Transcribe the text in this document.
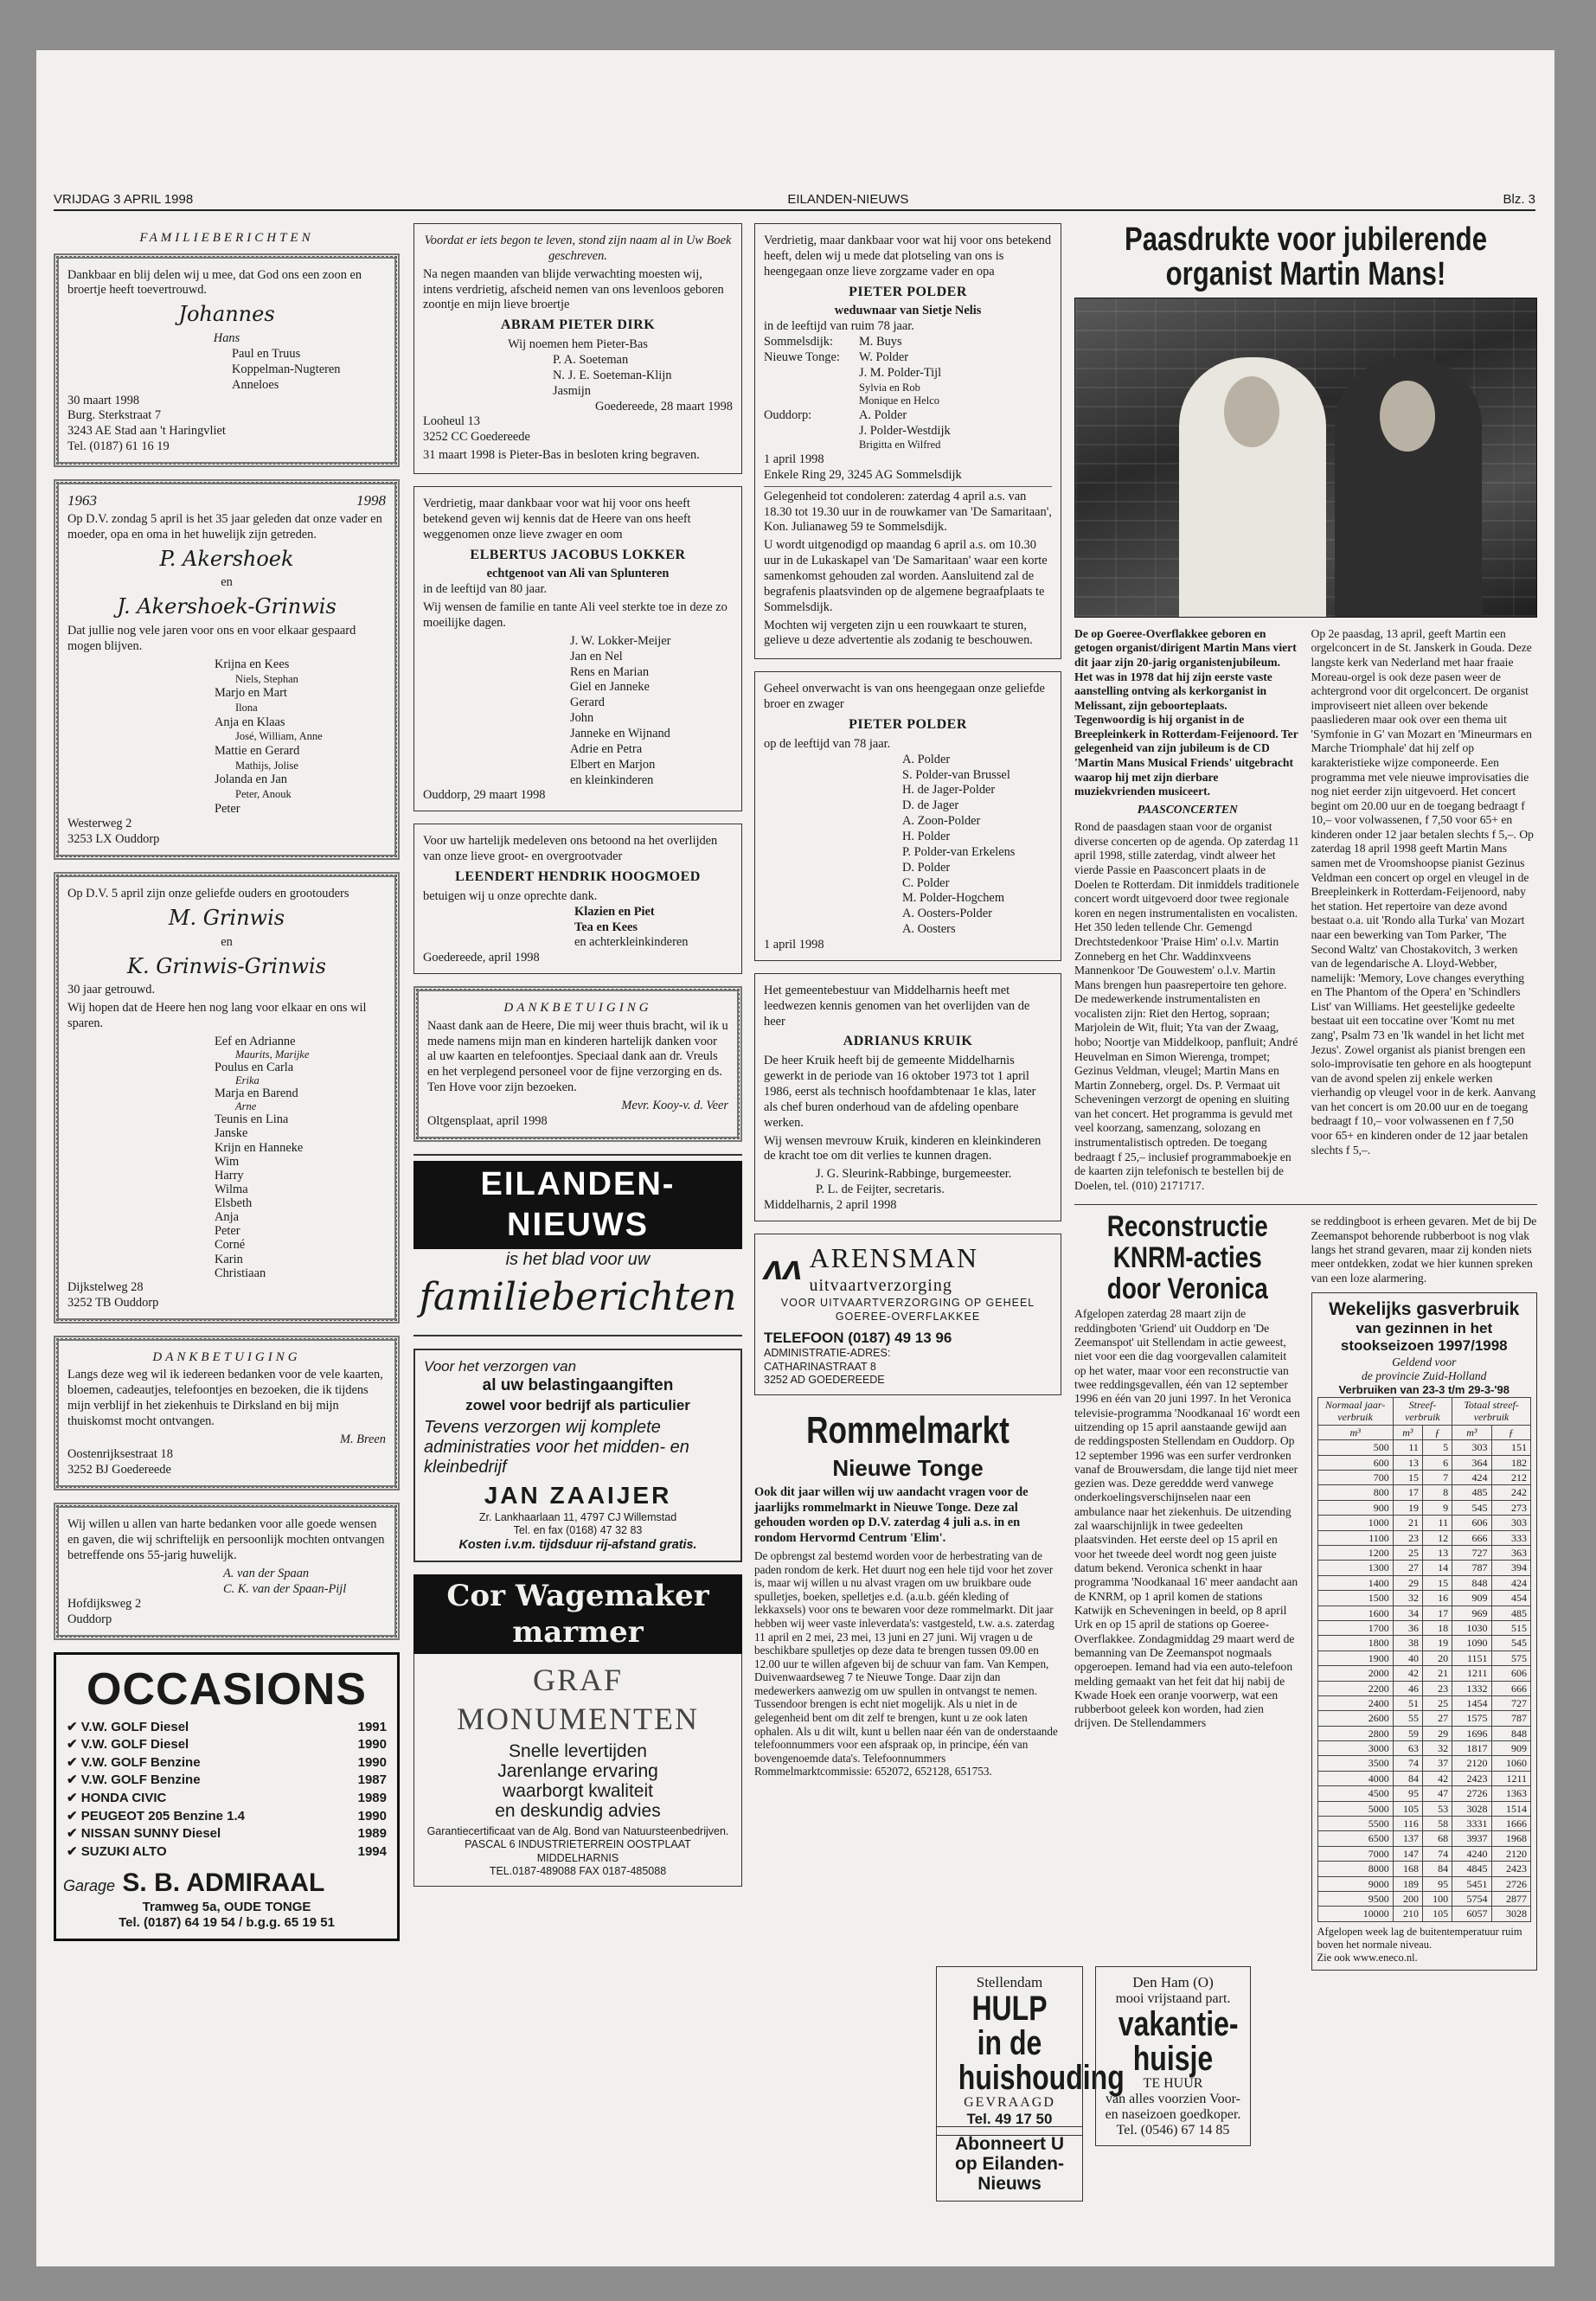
VRIJDAG 3 APRIL 1998	EILANDEN-NIEUWS	Blz. 3
FAMILIEBERICHTEN

Dankbaar en blij delen wij u mee, dat God ons een zoon en broertje heeft toevertrouwd.

Johannes
Hans
Paul en Truus
Koppelman-Nugteren
Anneloes
30 maart 1998
Burg. Sterkstraat 7
3243 AE Stad aan 't Haringvliet
Tel. (0187) 61 16 19
1963	1998

Op D.V. zondag 5 april is het 35 jaar geleden dat onze vader en moeder, opa en oma in het huwelijk zijn getreden.

P. Akershoek
en
J. Akershoek-Grinwis

Dat jullie nog vele jaren voor ons en voor elkaar gespaard mogen blijven.

Krijna en Kees
Niels, Stephan
Marjo en Mart
Ilona
Anja en Klaas
José, William, Anne
Mattie en Gerard
Mathijs, Jolise
Jolanda en Jan
Peter, Anouk
Peter
Westerweg 2
3253 LX Ouddorp

Op D.V. 5 april zijn onze geliefde ouders en grootouders

M. Grinwis
en
K. Grinwis-Grinwis
30 jaar getrouwd.

Wij hopen dat de Heere hen nog lang voor elkaar en ons wil sparen.

Eef en Adrianne
Maurits, Marijke
Poulus en Carla
Erika
Marja en Barend
Arne
Teunis en Lina
Janske
Krijn en Hanneke
Wim
Harry
Wilma
Elsbeth
Anja
Peter
Corné
Karin
Christiaan
Dijkstelweg 28
3252 TB Ouddorp
DANKBETUIGING

Langs deze weg wil ik iedereen bedanken voor de vele kaarten, bloemen, cadeautjes, telefoontjes en bezoeken, die ik tijdens mijn verblijf in het ziekenhuis te Dirksland en bij mijn thuiskomst mocht ontvangen.

M. Breen
Oostenrijksestraat 18
3252 BJ Goedereede

Wij willen u allen van harte bedanken voor alle goede wensen en gaven, die wij schriftelijk en persoonlijk mochten ontvangen betreffende ons 55-jarig huwelijk.

A. van der Spaan
C. K. van der Spaan-Pijl
Hofdijksweg 2
Ouddorp
OCCASIONS
✔ V.W. GOLF Diesel	1991
✔ V.W. GOLF Diesel	1990
✔ V.W. GOLF Benzine	1990
✔ V.W. GOLF Benzine	1987
✔ HONDA CIVIC	1989
✔ PEUGEOT 205 Benzine 1.4	1990
✔ NISSAN SUNNY Diesel	1989
✔ SUZUKI ALTO	1994
Garage S. B. ADMIRAAL
Tramweg 5a, OUDE TONGE
Tel. (0187) 64 19 54 / b.g.g. 65 19 51

Voordat er iets begon te leven, stond zijn naam al in Uw Boek geschreven.

Na negen maanden van blijde verwachting moesten wij, intens verdrietig, afscheid nemen van ons levenloos geboren zoontje en mijn lieve broertje

ABRAM PIETER DIRK
Wij noemen hem Pieter-Bas
P. A. Soeteman
N. J. E. Soeteman-Klijn
Jasmijn
Goedereede, 28 maart 1998
Looheul 13
3252 CC Goedereede

31 maart 1998 is Pieter-Bas in besloten kring begraven.

Verdrietig, maar dankbaar voor wat hij voor ons heeft betekend geven wij kennis dat de Heere van ons heeft weggenomen onze lieve zwager en oom

ELBERTUS JACOBUS LOKKER
echtgenoot van Ali van Splunteren
in de leeftijd van 80 jaar.

Wij wensen de familie en tante Ali veel sterkte toe in deze zo moeilijke dagen.

J. W. Lokker-Meijer
Jan en Nel
Rens en Marian
Giel en Janneke
Gerard
John
Janneke en Wijnand
Adrie en Petra
Elbert en Marjon
en kleinkinderen
Ouddorp, 29 maart 1998

Voor uw hartelijk medeleven ons betoond na het overlijden van onze lieve groot- en overgrootvader

LEENDERT HENDRIK HOOGMOED
betuigen wij u onze oprechte dank.
Klazien en Piet
Tea en Kees
en achterkleinkinderen
Goedereede, april 1998
DANKBETUIGING

Naast dank aan de Heere, Die mij weer thuis bracht, wil ik u mede namens mijn man en kinderen hartelijk danken voor al uw kaarten en telefoontjes. Speciaal dank aan dr. Vreuls en het verplegend personeel voor de fijne verzorging en ds. Ten Hove voor zijn bezoeken.

Mevr. Kooy-v. d. Veer
Oltgensplaat, april 1998
EILANDEN-NIEUWS
is het blad voor uw
familieberichten
Voor het verzorgen van
al uw belastingaangiften
zowel voor bedrijf als particulier
Tevens verzorgen wij komplete administraties voor het midden- en kleinbedrijf
JAN ZAAIJER
Zr. Lankhaarlaan 11, 4797 CJ Willemstad
Tel. en fax (0168) 47 32 83
Kosten i.v.m. tijdsduur rij-afstand gratis.
Cor Wagemaker
marmer
GRAF
MONUMENTEN
Snelle levertijden
Jarenlange ervaring
waarborgt kwaliteit
en deskundig advies
Garantiecertificaat van de Alg. Bond van Natuursteenbedrijven.
PASCAL 6 INDUSTRIETERREIN OOSTPLAAT
MIDDELHARNIS
TEL.0187-489088 FAX 0187-485088

Verdrietig, maar dankbaar voor wat hij voor ons betekend heeft, delen wij u mede dat plotseling van ons is heengegaan onze lieve zorgzame vader en opa

PIETER POLDER
weduwnaar van Sietje Nelis
in de leeftijd van ruim 78 jaar.
Sommelsdijk:	M. Buys
Nieuwe Tonge:	W. Polder
J. M. Polder-Tijl
Sylvia en Rob
Monique en Helco
Ouddorp:	A. Polder
J. Polder-Westdijk
Brigitta en Wilfred
1 april 1998
Enkele Ring 29, 3245 AG Sommelsdijk

Gelegenheid tot condoleren: zaterdag 4 april a.s. van 18.30 tot 19.30 uur in de rouwkamer van 'De Samaritaan', Kon. Julianaweg 59 te Sommelsdijk.

U wordt uitgenodigd op maandag 6 april a.s. om 10.30 uur in de Lukaskapel van 'De Samaritaan' waar een korte samenkomst gehouden zal worden. Aansluitend zal de begrafenis plaatsvinden op de algemene begraafplaats te Sommelsdijk.

Mochten wij vergeten zijn u een rouwkaart te sturen, gelieve u deze advertentie als zodanig te beschouwen.

Geheel onverwacht is van ons heengegaan onze geliefde broer en zwager

PIETER POLDER
op de leeftijd van 78 jaar.
A. Polder
S. Polder-van Brussel
H. de Jager-Polder
D. de Jager
A. Zoon-Polder
H. Polder
P. Polder-van Erkelens
D. Polder
C. Polder
M. Polder-Hogchem
A. Oosters-Polder
A. Oosters
1 april 1998

Het gemeentebestuur van Middelharnis heeft met leedwezen kennis genomen van het overlijden van de heer

ADRIANUS KRUIK

De heer Kruik heeft bij de gemeente Middelharnis gewerkt in de periode van 16 oktober 1973 tot 1 april 1986, eerst als technisch hoofdambtenaar 1e klas, later als chef buren onderhoud van de afdeling openbare werken.

Wij wensen mevrouw Kruik, kinderen en kleinkinderen de kracht toe om dit verlies te kunnen dragen.

J. G. Sleurink-Rabbinge, burgemeester.
P. L. de Feijter, secretaris.
Middelharnis, 2 april 1998
ʌʌ ARENSMAN
uitvaartverzorging
VOOR UITVAARTVERZORGING OP GEHEEL GOEREE-OVERFLAKKEE
TELEFOON (0187) 49 13 96
ADMINISTRATIE-ADRES:
CATHARINASTRAAT 8
3252 AD GOEDEREEDE
Rommelmarkt
Nieuwe Tonge

Ook dit jaar willen wij uw aandacht vragen voor de jaarlijks rommelmarkt in Nieuwe Tonge. Deze zal gehouden worden op D.V. zaterdag 4 juli a.s. in en rondom Hervormd Centrum 'Elim'.

De opbrengst zal bestemd worden voor de herbestrating van de paden rondom de kerk. Het duurt nog een hele tijd voor het zover is, maar wij willen u nu alvast vragen om uw bruikbare oude spulletjes, boeken, spelletjes e.d. (a.u.b. géén kleding of lekkaxsels) voor ons te bewaren voor deze rommelmarkt. Dit jaar hebben wij weer vaste inleverdata's: vastgesteld, t.w. a.s. zaterdag 11 april en 2 mei, 23 mei, 13 juni en 27 juni. Wij vragen u de beschikbare spulletjes op deze data te brengen tussen 09.00 en 12.00 uur te willen afgeven bij de schuur van fam. Van Kempen, Duivenwaardseweg 7 te Nieuwe Tonge. Daar zijn dan medewerkers aanwezig om uw spullen in ontvangst te nemen. Tussendoor brengen is echt niet mogelijk. Als u niet in de gelegenheid bent om dit zelf te brengen, kunt u ze ook laten ophalen. Als u dit wilt, kunt u bellen naar één van de onderstaande telefoonnummers voor een afspraak op, in principe, één van bovengenoemde data's. Telefoonnummers Rommelmarktcommissie: 652072, 652128, 651753.

Paasdrukte voor jubilerende organist Martin Mans!

De op Goeree-Overflakkee geboren en getogen organist/dirigent Martin Mans viert dit jaar zijn 20-jarig organistenjubileum. Het was in 1978 dat hij zijn eerste vaste aanstelling ontving als kerkorganist in Melissant, zijn geboorteplaats. Tegenwoordig is hij organist in de Breepleinkerk in Rotterdam-Feijenoord. Ter gelegenheid van zijn jubileum is de CD 'Martin Mans Musical Friends' uitgebracht waarop hij met zijn dierbare muziekvrienden musiceert.

PAASCONCERTEN

Rond de paasdagen staan voor de organist diverse concerten op de agenda. Op zaterdag 11 april 1998, stille zaterdag, vindt alweer het vierde Passie en Paasconcert plaats in de Doelen te Rotterdam. Dit inmiddels traditionele concert wordt uitgevoerd door twee regionale koren en negen instrumentalisten en vocalisten. Het 350 leden tellende Chr. Gemengd Drechtstedenkoor 'Praise Him' o.l.v. Martin Zonneberg en het Chr. Waddinxveens Mannenkoor 'De Gouwestem' o.l.v. Martin Mans brengen hun paasrepertoire ten gehore. De medewerkende instrumentalisten en vocalisten zijn: Riet den Hertog, sopraan; Marjolein de Wit, fluit; Yta van der Zwaag, hobo; Noortje van Middelkoop, panfluit; André Heuvelman en Simon Wierenga, trompet; Gezinus Veldman, vleugel; Martin Mans en Martin Zonneberg, orgel. Ds. P. Vermaat uit Scheveningen verzorgt de opening en sluiting van het concert. Het programma is gevuld met veel koorzang, samenzang, solozang en instrumentalistisch optreden. De toegang bedraagt f 25,– inclusief programmaboekje en de kaarten zijn telefonisch te bestellen bij de Doelen, tel. (010) 2171717.

Op 2e paasdag, 13 april, geeft Martin een orgelconcert in de St. Janskerk in Gouda. Deze langste kerk van Nederland met haar fraaie Moreau-orgel is ook deze pasen weer de achtergrond voor dit orgelconcert. De organist improviseert niet alleen over bekende paasliederen maar ook over een thema uit 'Symfonie in G' van Mozart en 'Mineurmars en Marche Triomphale' dat hij zelf op karakteristieke wijze componeerde. Een programma met vele nieuwe improvisaties die nog niet eerder zijn uitgevoerd. Het concert begint om 20.00 uur en de toegang bedraagt f 10,– voor volwassenen, f 7,50 voor 65+ en kinderen onder 12 jaar betalen slechts f 5,–. Op zaterdag 18 april 1998 geeft Martin Mans samen met de Vroomshoopse pianist Gezinus Veldman een concert op orgel en vleugel in de Breepleinkerk in Rotterdam-Feijenoord, naby het station. Het repertoire van deze avond bestaat o.a. uit 'Rondo alla Turka' van Mozart naar een bewerking van Tom Parker, 'The Second Waltz' van Chostakovitch, 3 werken van de legendarische A. Lloyd-Webber, namelijk: 'Memory, Love changes everything en The Phantom of the Opera' en 'Schindlers List' van Williams. Het geestelijke gedeelte bestaat uit een toccatine over 'Komt nu met zang', Psalm 73 en 'Ik wandel in het licht met Jezus'. Zowel organist als pianist brengen een solo-improvisatie ten gehore en als hoogtepunt van de avond spelen zij enkele werken vierhandig op vleugel voor in de kerk. Aanvang van het concert is om 20.00 uur en de toegang bedraagt f 10,– voor volwassenen en f 7,50 voor 65+ en kinderen onder de 12 jaar betalen slechts f 5,–.

Reconstructie KNRM-acties door Veronica

Afgelopen zaterdag 28 maart zijn de reddingboten 'Griend' uit Ouddorp en 'De Zeemanspot' uit Stellendam in actie geweest, niet voor een die dag voorgevallen calamiteit op het water, maar voor een reconstructie van twee reddingsgevallen, één van 12 september 1996 en één van 20 juni 1997. In het Veronica televisie-programma 'Noodkanaal 16' wordt een uitzending op 15 april aanstaande gewijd aan de reddingsposten Stellendam en Ouddorp. Op 12 september 1996 was een surfer verdronken vanaf de Brouwersdam, die lange tijd niet meer gezien was. Deze gereddde werd vanwege onderkoelingsverschijnselen naar een ambulance naar het ziekenhuis. De uitzending zal waarschijnlijk in twee gedeelten plaatsvinden. Het eerste deel op 15 april en voor het tweede deel wordt nog geen juiste datum bekend. Veronica schenkt in haar programma 'Noodkanaal 16' meer aandacht aan de KNRM, op 1 april komen de stations Katwijk en Scheveningen in beeld, op 8 april Urk en op 15 april de stations op Goeree-Overflakkee. Zondagmiddag 29 maart werd de bemanning van De Zeemanspot nogmaals opgeroepen. Iemand had via een auto-telefoon melding gemaakt van het feit dat hij nabij de Kwade Hoek een oranje voorwerp, wat een rubberboot geleek kon worden, had zien drijven. De Stellendammers

se reddingboot is erheen gevaren. Met de bij De Zeemanspot behorende rubberboot is nog vlak langs het strand gevaren, maar zij konden niets meer ontdekken, zodat we hier kunnen spreken van een loze alarmering.

Wekelijks gasverbruik
van gezinnen in het
stookseizoen 1997/1998
Geldend voor
de provincie Zuid-Holland
Verbruiken van 23-3 t/m 29-3-'98
Normaal jaar-verbruik	Streef-verbruik		Totaal streef-verbruik	
m³	m³	ƒ	m³	ƒ
500	11	5	303	151
600	13	6	364	182
700	15	7	424	212
800	17	8	485	242
900	19	9	545	273
1000	21	11	606	303
1100	23	12	666	333
1200	25	13	727	363
1300	27	14	787	394
1400	29	15	848	424
1500	32	16	909	454
1600	34	17	969	485
1700	36	18	1030	515
1800	38	19	1090	545
1900	40	20	1151	575
2000	42	21	1211	606
2200	46	23	1332	666
2400	51	25	1454	727
2600	55	27	1575	787
2800	59	29	1696	848
3000	63	32	1817	909
3500	74	37	2120	1060
4000	84	42	2423	1211
4500	95	47	2726	1363
5000	105	53	3028	1514
5500	116	58	3331	1666
6500	137	68	3937	1968
7000	147	74	4240	2120
8000	168	84	4845	2423
9000	189	95	5451	2726
9500	200	100	5754	2877
10000	210	105	6057	3028
Afgelopen week lag de buitentemperatuur ruim boven het normale niveau.
Zie ook www.eneco.nl.
Stellendam
HULP in de huishouding
GEVRAAGD
Tel. 49 17 50
Abonneert U op Eilanden-Nieuws
Den Ham (O)
mooi vrijstaand part.
vakantie-huisje
TE HUUR
van alles voorzien Voor- en naseizoen goedkoper.
Tel. (0546) 67 14 85
